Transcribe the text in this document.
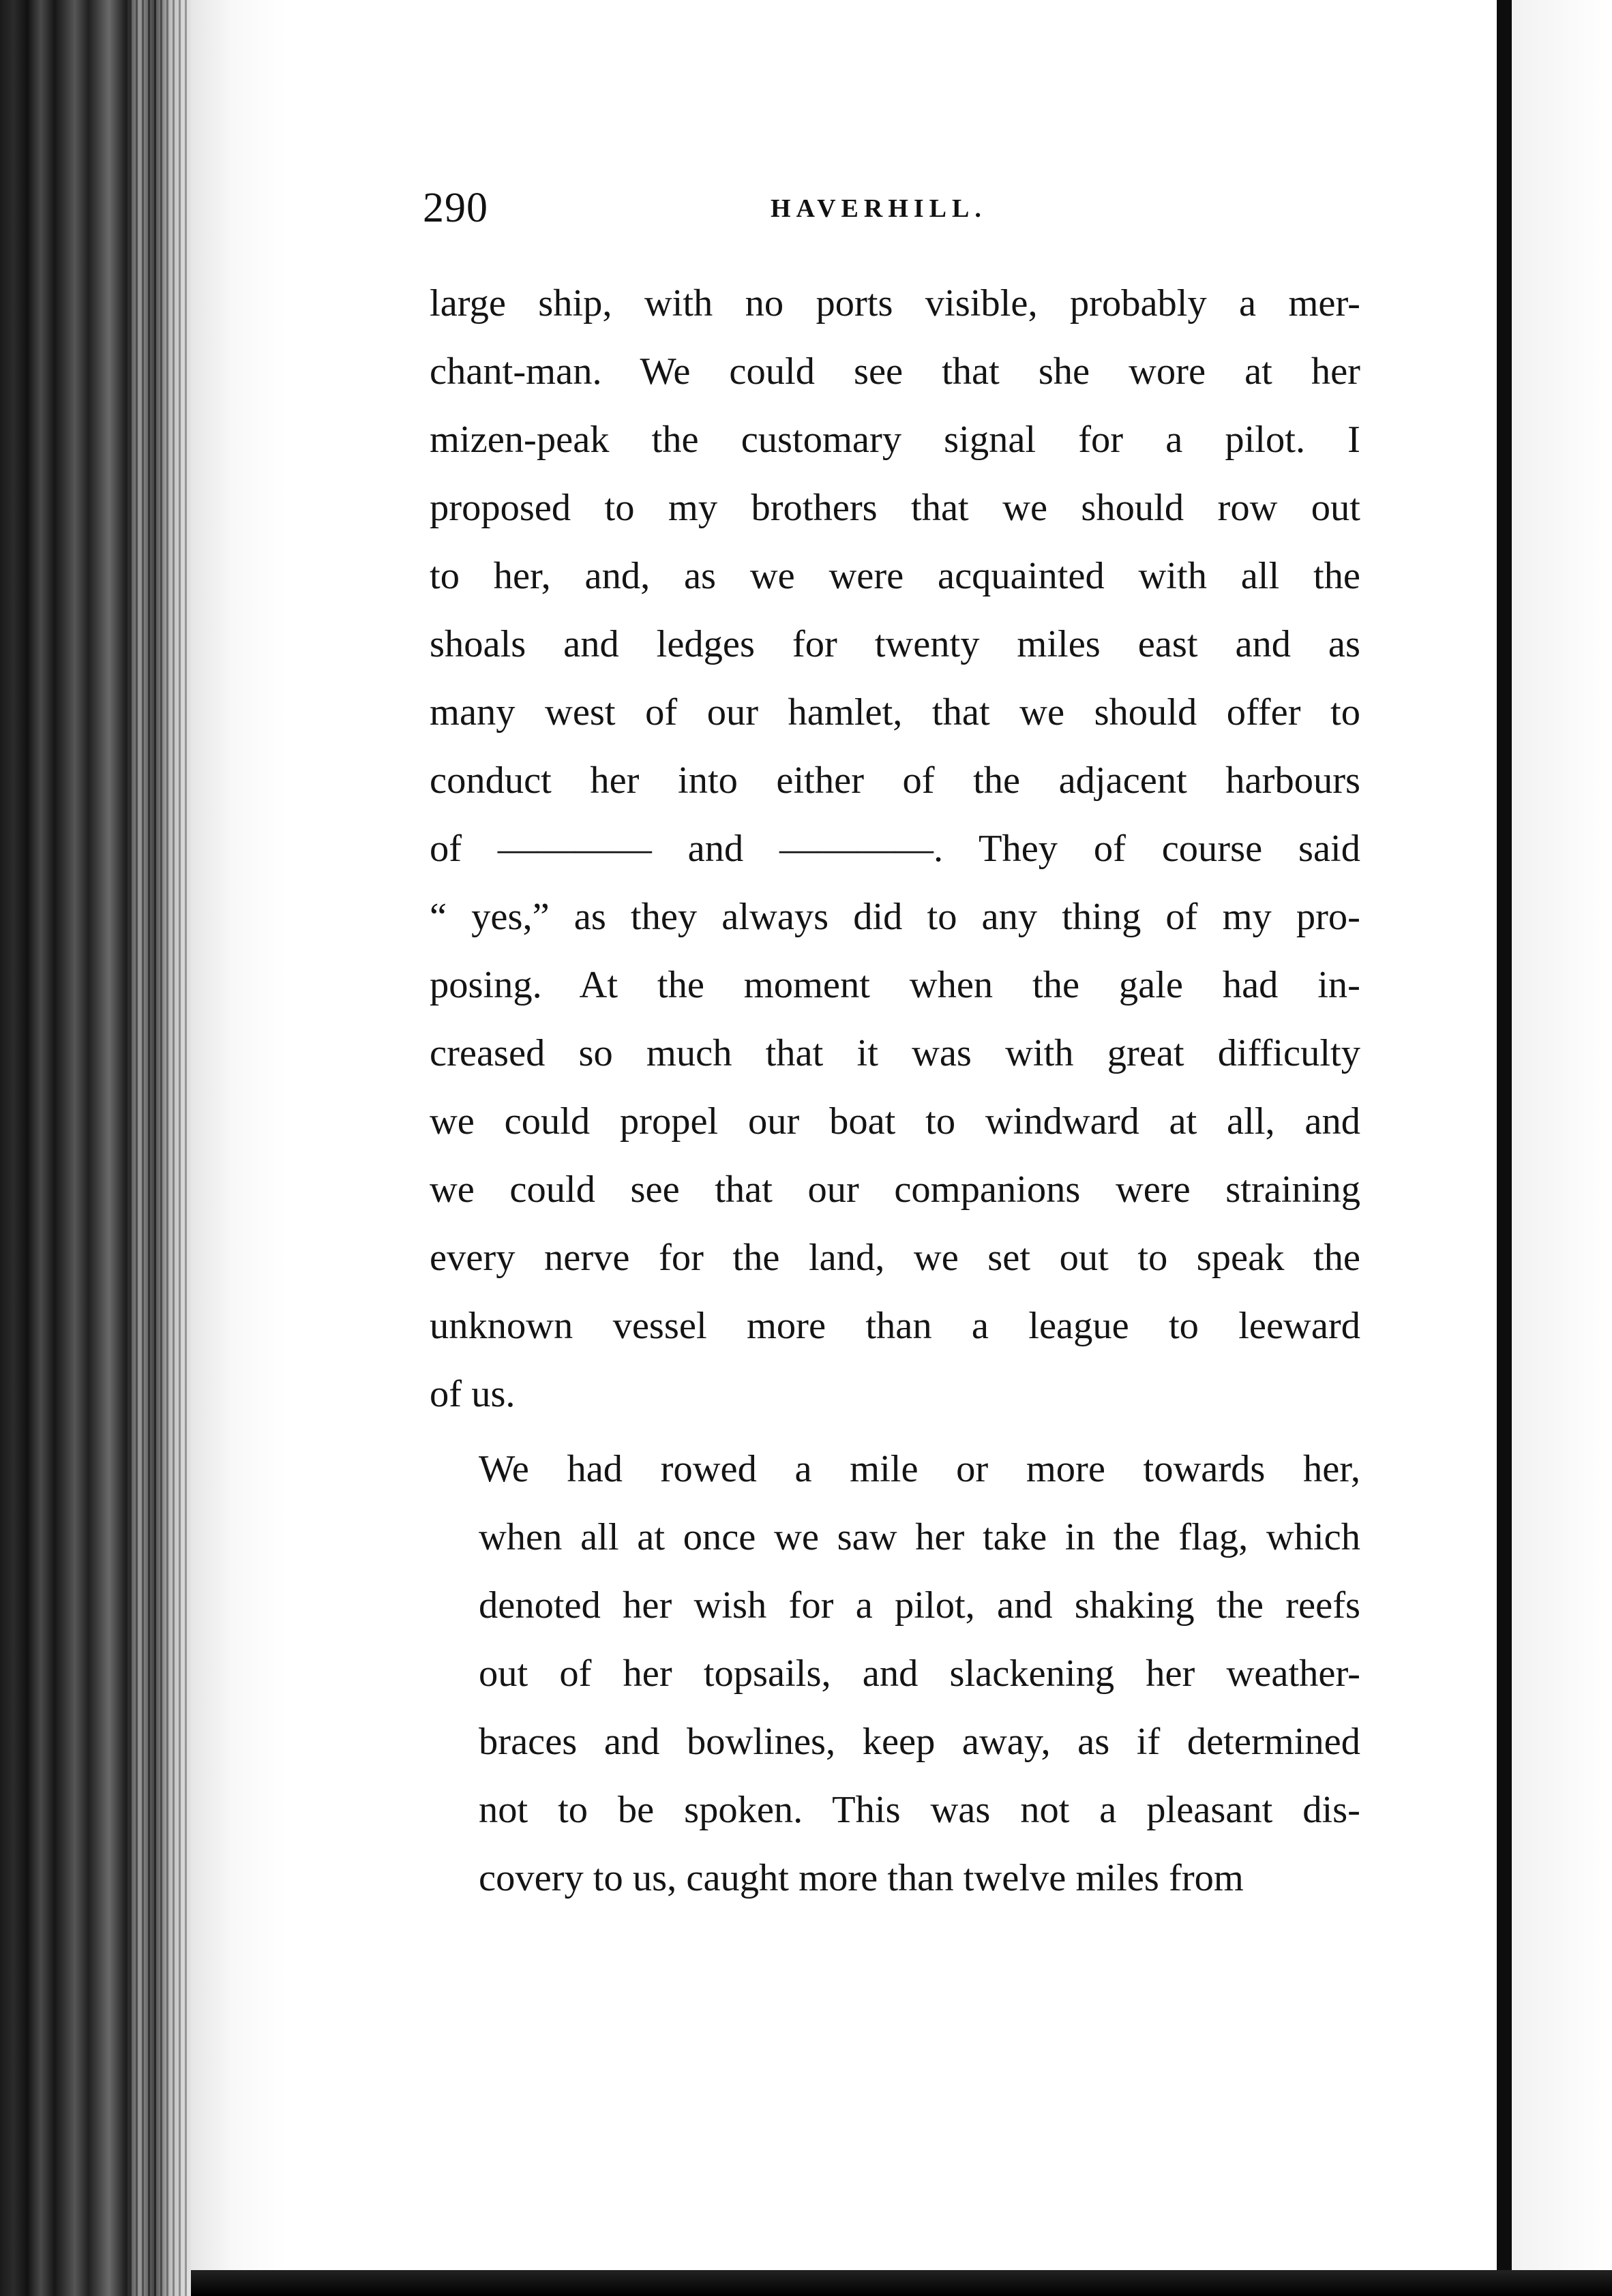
290	HAVERHILL.

large ship, with no ports visible, probably a mer-
chant-man. We could see that she wore at her
mizen-peak the customary signal for a pilot. I
proposed to my brothers that we should row out
to her, and, as we were acquainted with all the
shoals and ledges for twenty miles east and as
many west of our hamlet, that we should offer to
conduct her into either of the adjacent harbours
of ———— and ————. They of course said
“ yes,” as they always did to any thing of my pro-
posing. At the moment when the gale had in-
creased so much that it was with great difficulty
we could propel our boat to windward at all, and
we could see that our companions were straining
every nerve for the land, we set out to speak the
unknown vessel more than a league to leeward
of us.

We had rowed a mile or more towards her,
when all at once we saw her take in the flag, which
denoted her wish for a pilot, and shaking the reefs
out of her topsails, and slackening her weather-
braces and bowlines, keep away, as if determined
not to be spoken. This was not a pleasant dis-
covery to us, caught more than twelve miles from
